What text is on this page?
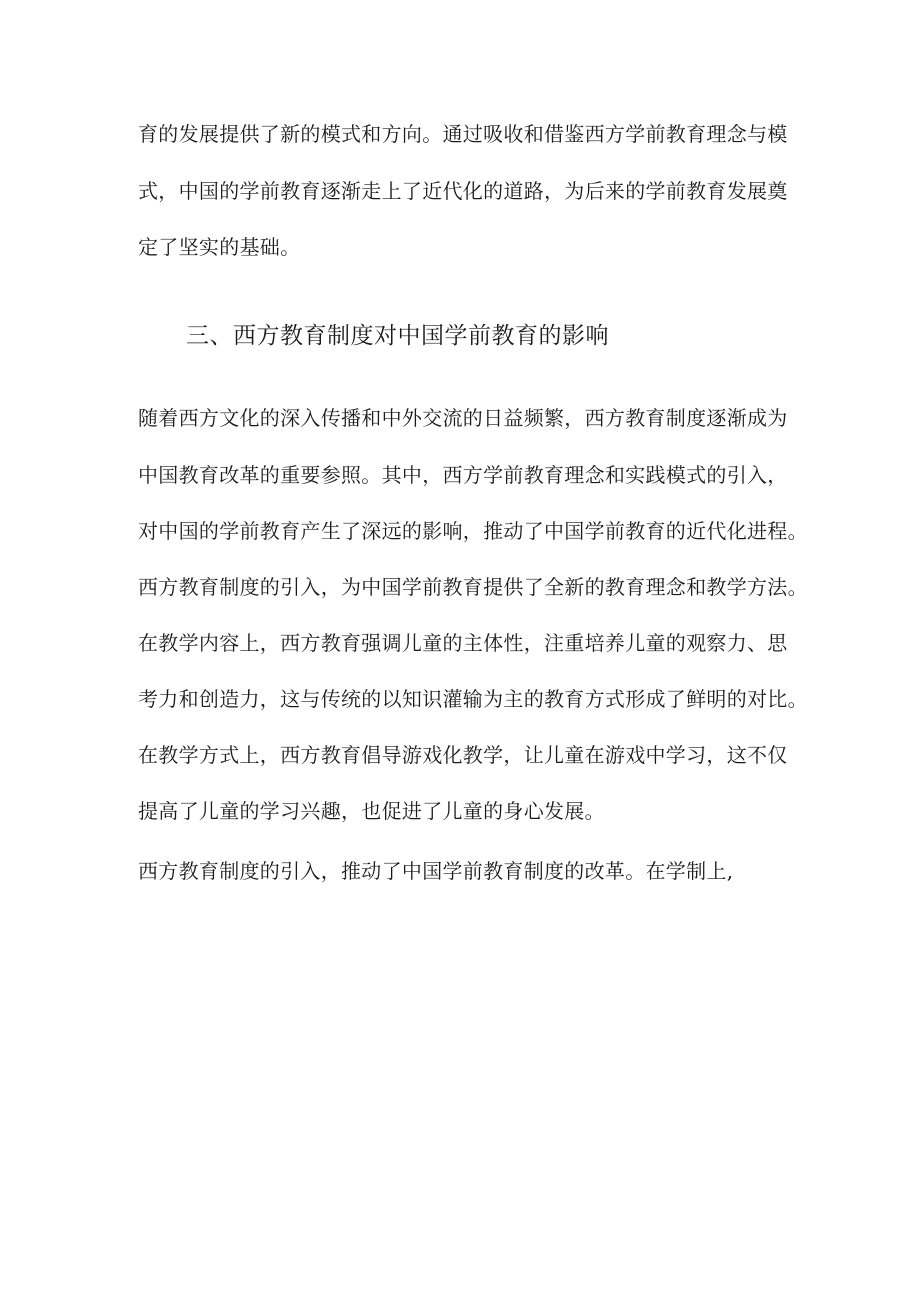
育的发展提供了新的模式和方向。通过吸收和借鉴西方学前教育理念与模
式，中国的学前教育逐渐走上了近代化的道路，为后来的学前教育发展奠
定了坚实的基础。
三、西方教育制度对中国学前教育的影响
随着西方文化的深入传播和中外交流的日益频繁，西方教育制度逐渐成为
中国教育改革的重要参照。其中，西方学前教育理念和实践模式的引入，
对中国的学前教育产生了深远的影响，推动了中国学前教育的近代化进程。
西方教育制度的引入，为中国学前教育提供了全新的教育理念和教学方法。
在教学内容上，西方教育强调儿童的主体性，注重培养儿童的观察力、思
考力和创造力，这与传统的以知识灌输为主的教育方式形成了鲜明的对比。
在教学方式上，西方教育倡导游戏化教学，让儿童在游戏中学习，这不仅
提高了儿童的学习兴趣，也促进了儿童的身心发展。
西方教育制度的引入，推动了中国学前教育制度的改革。在学制上,
